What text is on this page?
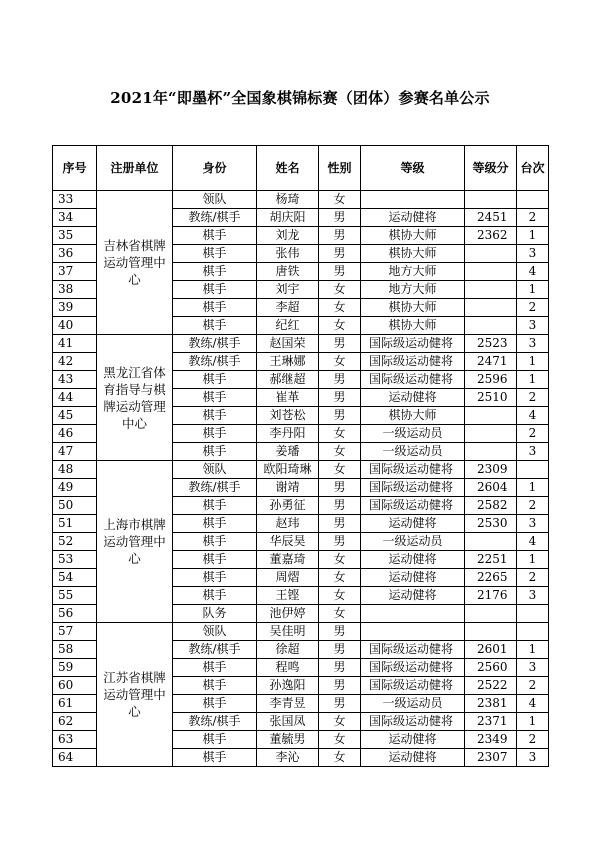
2021年“即墨杯”全国象棋锦标赛（团体）参赛名单公示
序号	注册单位	身份	姓名	性别	等级	等级分	台次
33	吉林省棋牌运动管理中心	领队	杨琦	女			
34		教练/棋手	胡庆阳	男	运动健将	2451	2
35		棋手	刘龙	男	棋协大师	2362	1
36		棋手	张伟	男	棋协大师		3
37		棋手	唐铁	男	地方大师		4
38		棋手	刘宇	女	地方大师		1
39		棋手	李超	女	棋协大师		2
40		棋手	纪红	女	棋协大师		3
41	黑龙江省体育指导与棋牌运动管理中心	教练/棋手	赵国荣	男	国际级运动健将	2523	3
42		教练/棋手	王琳娜	女	国际级运动健将	2471	1
43		棋手	郝继超	男	国际级运动健将	2596	1
44		棋手	崔革	男	运动健将	2510	2
45		棋手	刘苍松	男	棋协大师		4
46		棋手	李丹阳	女	一级运动员		2
47		棋手	姜璠	女	一级运动员		3
48	上海市棋牌运动管理中心	领队	欧阳琦琳	女	国际级运动健将	2309	
49		教练/棋手	谢靖	男	国际级运动健将	2604	1
50		棋手	孙勇征	男	国际级运动健将	2582	2
51		棋手	赵玮	男	运动健将	2530	3
52		棋手	华辰昊	男	一级运动员		4
53		棋手	董嘉琦	女	运动健将	2251	1
54		棋手	周熠	女	运动健将	2265	2
55		棋手	王铿	女	运动健将	2176	3
56		队务	池伊婷	女			
57	江苏省棋牌运动管理中心	领队	吴佳明	男			
58		教练/棋手	徐超	男	国际级运动健将	2601	1
59		棋手	程鸣	男	国际级运动健将	2560	3
60		棋手	孙逸阳	男	国际级运动健将	2522	2
61		棋手	李青昱	男	一级运动员	2381	4
62		教练/棋手	张国凤	女	国际级运动健将	2371	1
63		棋手	董毓男	女	运动健将	2349	2
64		棋手	李沁	女	运动健将	2307	3
